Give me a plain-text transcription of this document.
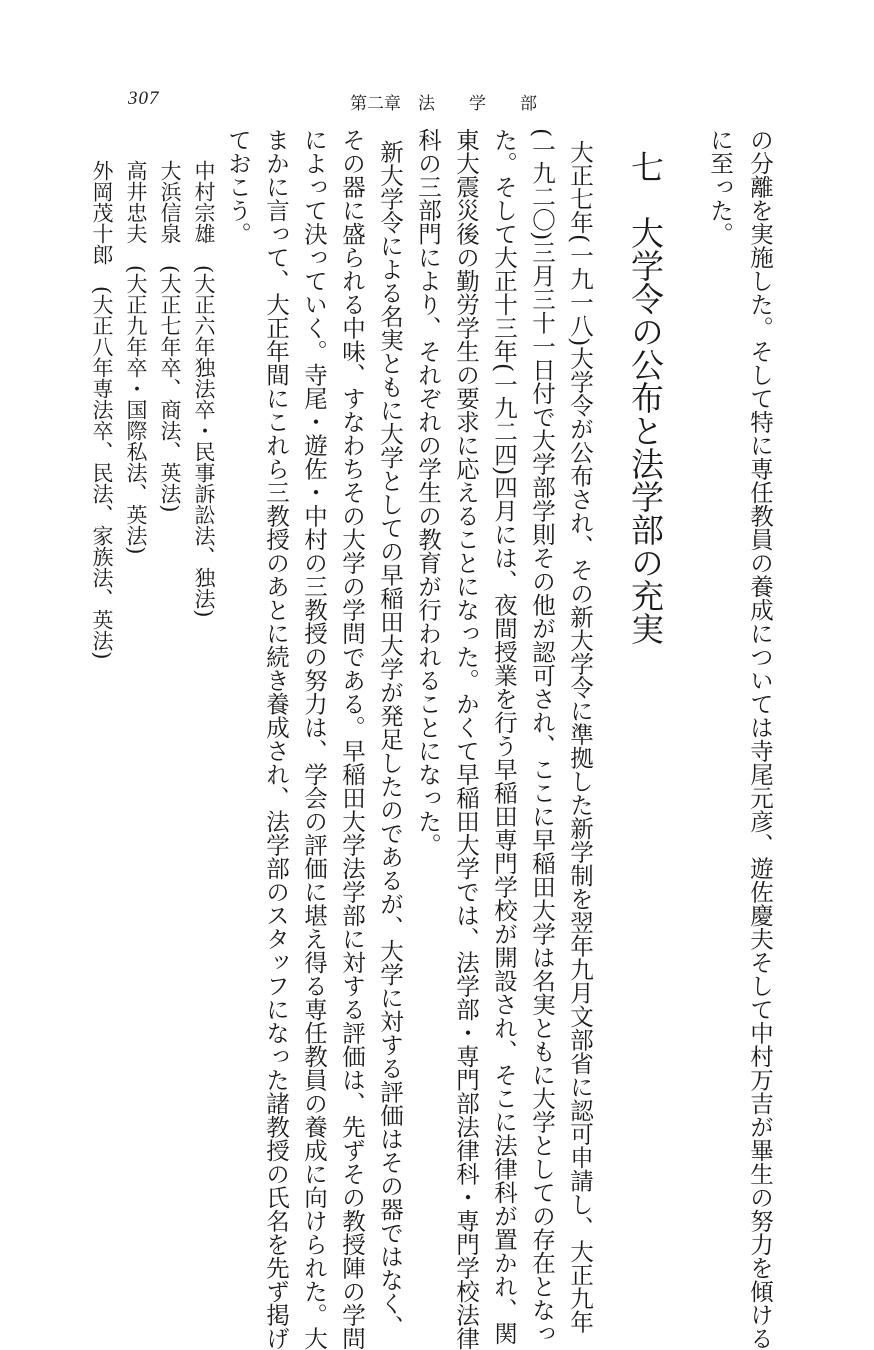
307	第二章　法　　学　　部
の分離を実施した。そして特に専任教員の養成については寺尾元彦、遊佐慶夫そして中村万吉が畢生の努力を傾ける
に至った。
七　大学令の公布と法学部の充実
大正七年(一九一八)大学令が公布され、その新大学令に準拠した新学制を翌年九月文部省に認可申請し、大正九年
(一九二〇)三月三十一日付で大学部学則その他が認可され、ここに早稲田大学は名実ともに大学としての存在となっ
た。そして大正十三年(一九二四)四月には、夜間授業を行う早稲田専門学校が開設され、そこに法律科が置かれ、関
東大震災後の勤労学生の要求に応えることになった。かくて早稲田大学では、法学部・専門部法律科・専門学校法律
科の三部門により、それぞれの学生の教育が行われることになった。
新大学令による名実ともに大学としての早稲田大学が発足したのであるが、大学に対する評価はその器ではなく、
その器に盛られる中味、すなわちその大学の学問である。早稲田大学法学部に対する評価は、先ずその教授陣の学問
によって決っていく。寺尾・遊佐・中村の三教授の努力は、学会の評価に堪え得る専任教員の養成に向けられた。大
まかに言って、大正年間にこれら三教授のあとに続き養成され、法学部のスタッフになった諸教授の氏名を先ず掲げ
ておこう。
中村宗雄　(大正六年独法卒・民事訴訟法、独法)
大浜信泉　(大正七年卒、商法、英法)
高井忠夫　(大正九年卒・国際私法、英法)
外岡茂十郎　(大正八年専法卒、民法、家族法、英法)
